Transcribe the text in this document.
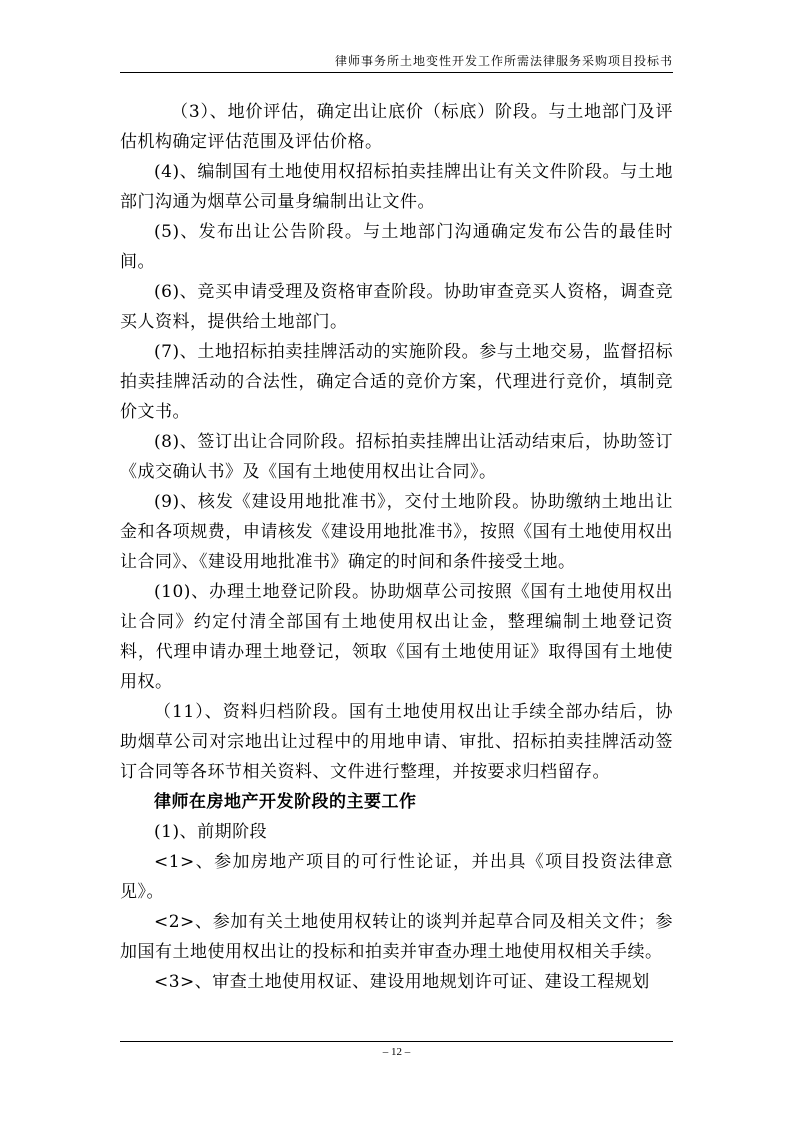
律师事务所土地变性开发工作所需法律服务采购项目投标书

（3）、地价评估，确定出让底价（标底）阶段。与土地部门及评估机构确定评估范围及评估价格。

(4)、编制国有土地使用权招标拍卖挂牌出让有关文件阶段。与土地部门沟通为烟草公司量身编制出让文件。

(5)、发布出让公告阶段。与土地部门沟通确定发布公告的最佳时间。

(6)、竞买申请受理及资格审查阶段。协助审查竞买人资格，调查竞买人资料，提供给土地部门。

(7)、土地招标拍卖挂牌活动的实施阶段。参与土地交易，监督招标拍卖挂牌活动的合法性，确定合适的竞价方案，代理进行竞价，填制竞价文书。

(8)、签订出让合同阶段。招标拍卖挂牌出让活动结束后，协助签订《成交确认书》及《国有土地使用权出让合同》。

(9)、核发《建设用地批准书》，交付土地阶段。协助缴纳土地出让金和各项规费，申请核发《建设用地批准书》，按照《国有土地使用权出让合同》、《建设用地批准书》确定的时间和条件接受土地。

(10)、办理土地登记阶段。协助烟草公司按照《国有土地使用权出让合同》约定付清全部国有土地使用权出让金，整理编制土地登记资料，代理申请办理土地登记，领取《国有土地使用证》取得国有土地使用权。

（11）、资料归档阶段。国有土地使用权出让手续全部办结后，协助烟草公司对宗地出让过程中的用地申请、审批、招标拍卖挂牌活动签订合同等各环节相关资料、文件进行整理，并按要求归档留存。

律师在房地产开发阶段的主要工作

(1)、前期阶段

<1>、参加房地产项目的可行性论证，并出具《项目投资法律意见》。

<2>、参加有关土地使用权转让的谈判并起草合同及相关文件；参加国有土地使用权出让的投标和拍卖并审查办理土地使用权相关手续。

<3>、审查土地使用权证、建设用地规划许可证、建设工程规划

– 12 –
